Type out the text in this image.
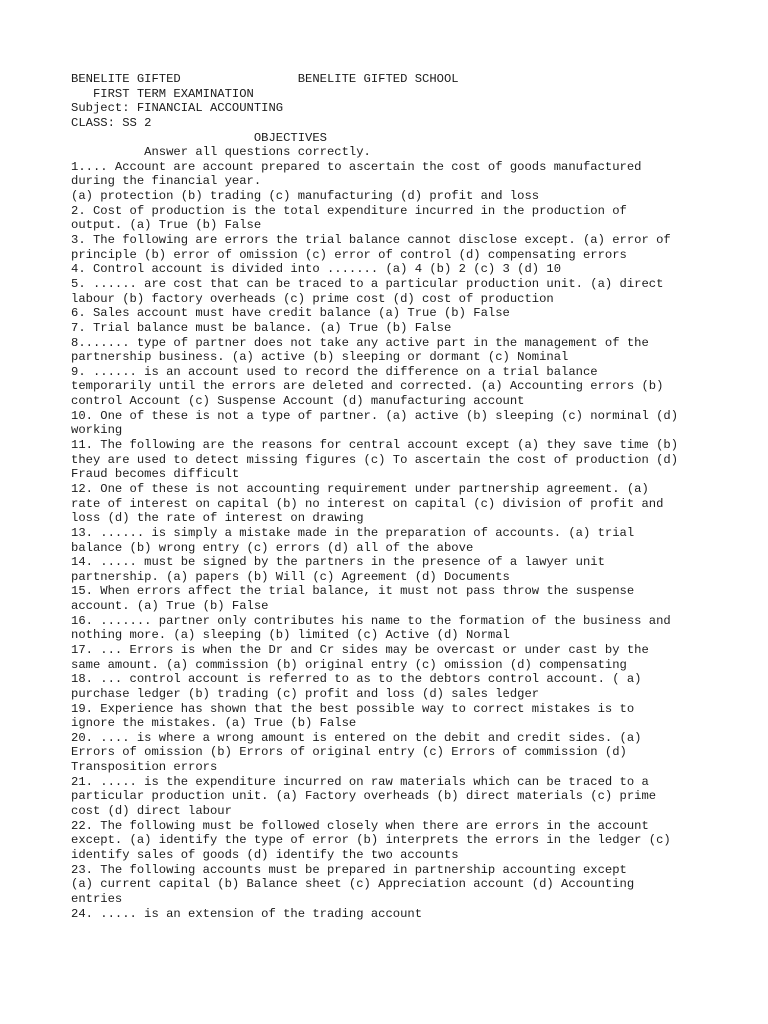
BENELITE GIFTED                BENELITE GIFTED SCHOOL
FIRST TERM EXAMINATION
Subject: FINANCIAL ACCOUNTING
CLASS: SS 2
OBJECTIVES
Answer all questions correctly.
1.... Account are account prepared to ascertain the cost of goods manufactured
during the financial year.
(a) protection (b) trading (c) manufacturing (d) profit and loss
2. Cost of production is the total expenditure incurred in the production of
output. (a) True (b) False
3. The following are errors the trial balance cannot disclose except. (a) error of
principle (b) error of omission (c) error of control (d) compensating errors
4. Control account is divided into ....... (a) 4 (b) 2 (c) 3 (d) 10
5. ...... are cost that can be traced to a particular production unit. (a) direct
labour (b) factory overheads (c) prime cost (d) cost of production
6. Sales account must have credit balance (a) True (b) False
7. Trial balance must be balance. (a) True (b) False
8....... type of partner does not take any active part in the management of the
partnership business. (a) active (b) sleeping or dormant (c) Nominal
9. ...... is an account used to record the difference on a trial balance
temporarily until the errors are deleted and corrected. (a) Accounting errors (b)
control Account (c) Suspense Account (d) manufacturing account
10. One of these is not a type of partner. (a) active (b) sleeping (c) norminal (d)
working
11. The following are the reasons for central account except (a) they save time (b)
they are used to detect missing figures (c) To ascertain the cost of production (d)
Fraud becomes difficult
12. One of these is not accounting requirement under partnership agreement. (a)
rate of interest on capital (b) no interest on capital (c) division of profit and
loss (d) the rate of interest on drawing
13. ...... is simply a mistake made in the preparation of accounts. (a) trial
balance (b) wrong entry (c) errors (d) all of the above
14. ..... must be signed by the partners in the presence of a lawyer unit
partnership. (a) papers (b) Will (c) Agreement (d) Documents
15. When errors affect the trial balance, it must not pass throw the suspense
account. (a) True (b) False
16. ....... partner only contributes his name to the formation of the business and
nothing more. (a) sleeping (b) limited (c) Active (d) Normal
17. ... Errors is when the Dr and Cr sides may be overcast or under cast by the
same amount. (a) commission (b) original entry (c) omission (d) compensating
18. ... control account is referred to as to the debtors control account. ( a)
purchase ledger (b) trading (c) profit and loss (d) sales ledger
19. Experience has shown that the best possible way to correct mistakes is to
ignore the mistakes. (a) True (b) False
20. .... is where a wrong amount is entered on the debit and credit sides. (a)
Errors of omission (b) Errors of original entry (c) Errors of commission (d)
Transposition errors
21. ..... is the expenditure incurred on raw materials which can be traced to a
particular production unit. (a) Factory overheads (b) direct materials (c) prime
cost (d) direct labour
22. The following must be followed closely when there are errors in the account
except. (a) identify the type of error (b) interprets the errors in the ledger (c)
identify sales of goods (d) identify the two accounts
23. The following accounts must be prepared in partnership accounting except
(a) current capital (b) Balance sheet (c) Appreciation account (d) Accounting
entries
24. ..... is an extension of the trading account
